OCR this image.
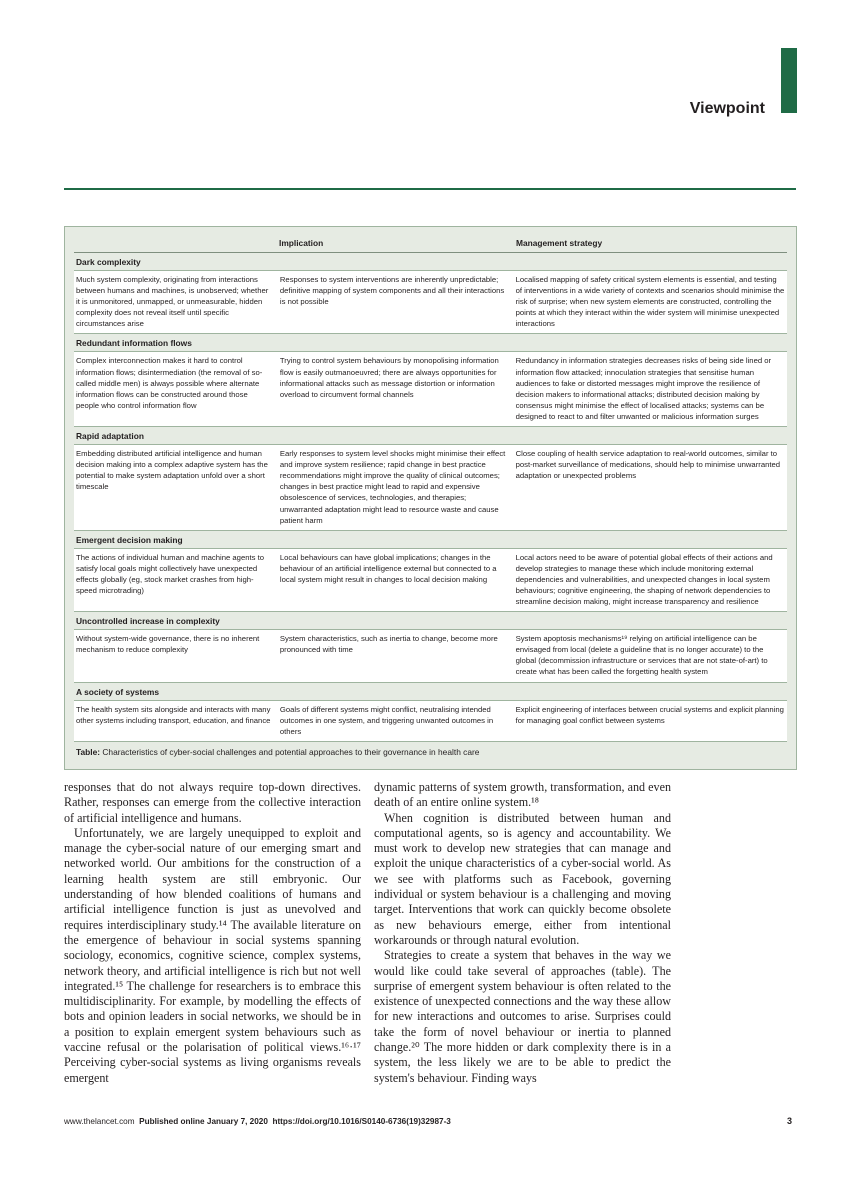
Viewpoint
Implication	Management strategy
Dark complexity
Much system complexity, originating from interactions between humans and machines, is unobserved; whether it is unmonitored, unmapped, or unmeasurable, hidden complexity does not reveal itself until specific circumstances arise
Responses to system interventions are inherently unpredictable; definitive mapping of system components and all their interactions is not possible
Localised mapping of safety critical system elements is essential, and testing of interventions in a wide variety of contexts and scenarios should minimise the risk of surprise; when new system elements are constructed, controlling the points at which they interact within the wider system will minimise unexpected interactions
Redundant information flows
Complex interconnection makes it hard to control information flows; disintermediation (the removal of so-called middle men) is always possible where alternate information flows can be constructed around those people who control information flow
Trying to control system behaviours by monopolising information flow is easily outmanoeuvred; there are always opportunities for informational attacks such as message distortion or information overload to circumvent formal channels
Redundancy in information strategies decreases risks of being side lined or information flow attacked; innoculation strategies that sensitise human audiences to fake or distorted messages might improve the resilience of decision makers to informational attacks; distributed decision making by consensus might minimise the effect of localised attacks; systems can be designed to react to and filter unwanted or malicious information surges
Rapid adaptation
Embedding distributed artificial intelligence and human decision making into a complex adaptive system has the potential to make system adaptation unfold over a short timescale
Early responses to system level shocks might minimise their effect and improve system resilience; rapid change in best practice recommendations might improve the quality of clinical outcomes; changes in best practice might lead to rapid and expensive obsolescence of services, technologies, and therapies; unwarranted adaptation might lead to resource waste and cause patient harm
Close coupling of health service adaptation to real-world outcomes, similar to post-market surveillance of medications, should help to minimise unwarranted adaptation or unexpected problems
Emergent decision making
The actions of individual human and machine agents to satisfy local goals might collectively have unexpected effects globally (eg, stock market crashes from high-speed microtrading)
Local behaviours can have global implications; changes in the behaviour of an artificial intelligence external but connected to a local system might result in changes to local decision making
Local actors need to be aware of potential global effects of their actions and develop strategies to manage these which include monitoring external dependencies and vulnerabilities, and unexpected changes in local system behaviours; cognitive engineering, the shaping of network dependencies to streamline decision making, might increase transparency and resilience
Uncontrolled increase in complexity
Without system-wide governance, there is no inherent mechanism to reduce complexity
System characteristics, such as inertia to change, become more pronounced with time
System apoptosis mechanisms¹⁹ relying on artificial intelligence can be envisaged from local (delete a guideline that is no longer accurate) to the global (decommission infrastructure or services that are not state-of-art) to create what has been called the forgetting health system
A society of systems
The health system sits alongside and interacts with many other systems including transport, education, and finance
Goals of different systems might conflict, neutralising intended outcomes in one system, and triggering unwanted outcomes in others
Explicit engineering of interfaces between crucial systems and explicit planning for managing goal conflict between systems
Table: Characteristics of cyber-social challenges and potential approaches to their governance in health care

responses that do not always require top-down directives. Rather, responses can emerge from the collective interaction of artificial intelligence and humans.

Unfortunately, we are largely unequipped to exploit and manage the cyber-social nature of our emerging smart and networked world. Our ambitions for the construction of a learning health system are still embryonic. Our understanding of how blended coalitions of humans and artificial intelligence function is just as unevolved and requires interdisciplinary study.¹⁴ The available literature on the emergence of behaviour in social systems spanning sociology, economics, cognitive science, complex systems, network theory, and artificial intelligence is rich but not well integrated.¹⁵ The challenge for researchers is to embrace this multidisciplinarity. For example, by modelling the effects of bots and opinion leaders in social networks, we should be in a position to explain emergent system behaviours such as vaccine refusal or the polarisation of political views.¹⁶·¹⁷ Perceiving cyber-social systems as living organisms reveals emergent

dynamic patterns of system growth, transformation, and even death of an entire online system.¹⁸

When cognition is distributed between human and computational agents, so is agency and accountability. We must work to develop new strategies that can manage and exploit the unique characteristics of a cyber-social world. As we see with platforms such as Facebook, governing individual or system behaviour is a challenging and moving target. Interventions that work can quickly become obsolete as new behaviours emerge, either from intentional workarounds or through natural evolution.

Strategies to create a system that behaves in the way we would like could take several of approaches (table). The surprise of emergent system behaviour is often related to the existence of unexpected connections and the way these allow for new interactions and outcomes to arise. Surprises could take the form of novel behaviour or inertia to planned change.²⁰ The more hidden or dark complexity there is in a system, the less likely we are to be able to predict the system's behaviour. Finding ways

www.thelancet.com Published online January 7, 2020 https://doi.org/10.1016/S0140-6736(19)32987-3	3
